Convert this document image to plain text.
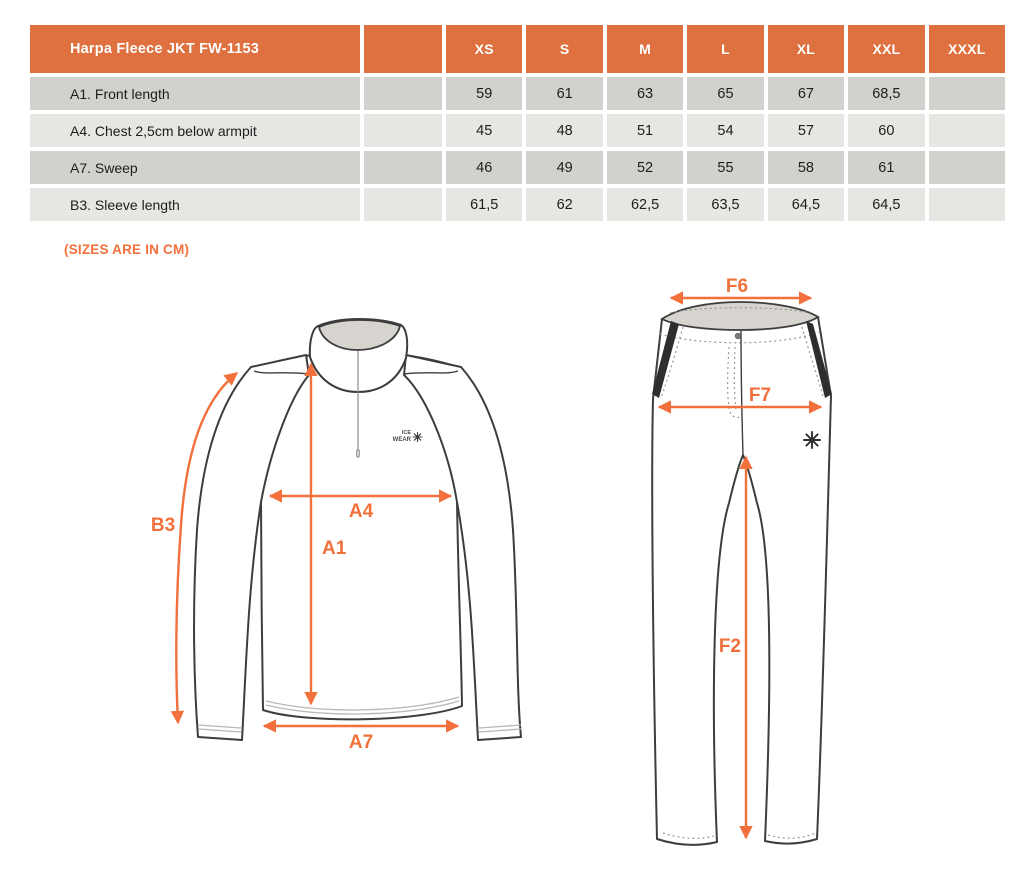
Harpa Fleece JKT FW-1153	XS	S	M	L	XL	XXL	XXXL
A1. Front length	59	61	63	65	67	68,5
A4. Chest 2,5cm below armpit	45	48	51	54	57	60
A7. Sweep	46	49	52	55	58	61
B3. Sleeve length	61,5	62	62,5	63,5	64,5	64,5
(SIZES ARE IN CM)
ICE
WEAR
A1
A4
A7
B3
F6
F7
F2
